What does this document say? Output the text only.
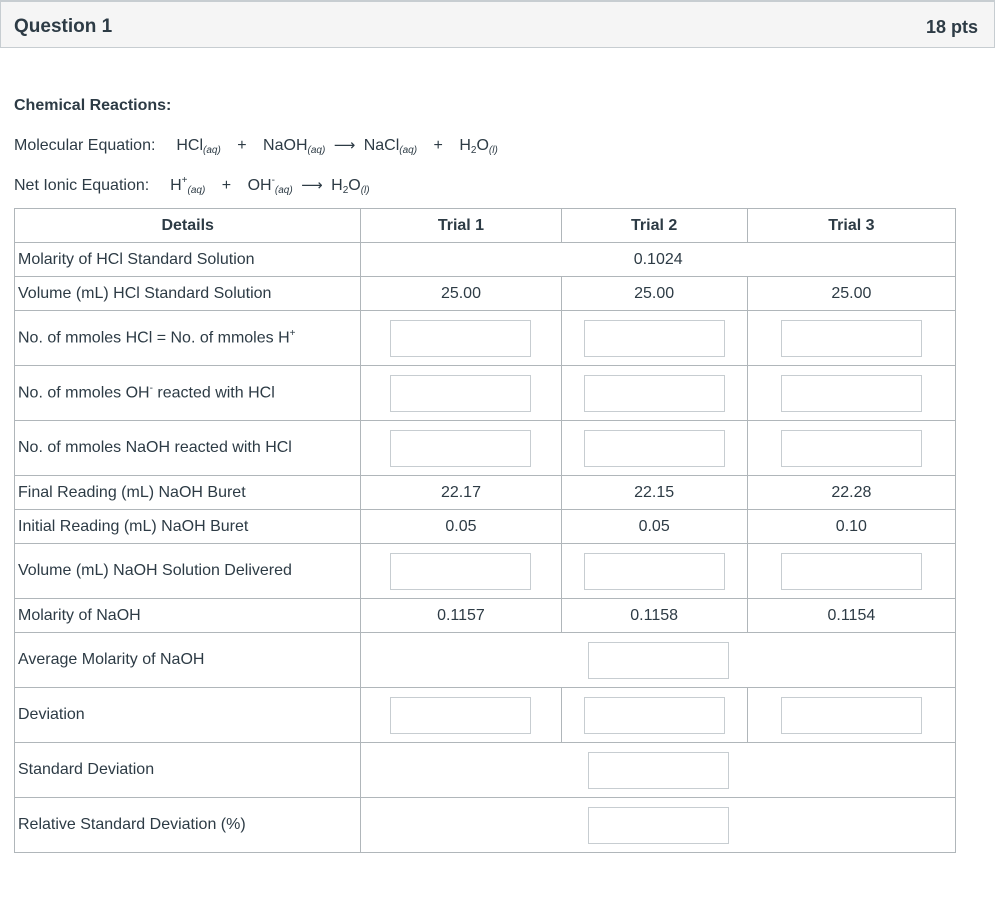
Question 1	18 pts
Chemical Reactions:
Molecular Equation: HCl$_{(aq)}$ + NaOH$_{(aq)}$ ⟶ NaCl$_{(aq)}$ + $H_2O_{(l)}$
Net Ionic Equation: $H^+_{(aq)} + OH^-_{(aq)}$ ⟶ $H_2O_{(l)}$
Details	Trial 1	Trial 2	Trial 3
Molarity of HCl Standard Solution	0.1024		
Volume (mL) HCl Standard Solution	25.00	25.00	25.00
No. of mmoles HCl = No. of mmoles H+			
No. of mmoles OH- reacted with HCl			
No. of mmoles NaOH reacted with HCl			
Final Reading (mL) NaOH Buret	22.17	22.15	22.28
Initial Reading (mL) NaOH Buret	0.05	0.05	0.10
Volume (mL) NaOH Solution Delivered			
Molarity of NaOH	0.1157	0.1158	0.1154
Average Molarity of NaOH			
Deviation			
Standard Deviation			
Relative Standard Deviation (%)			
